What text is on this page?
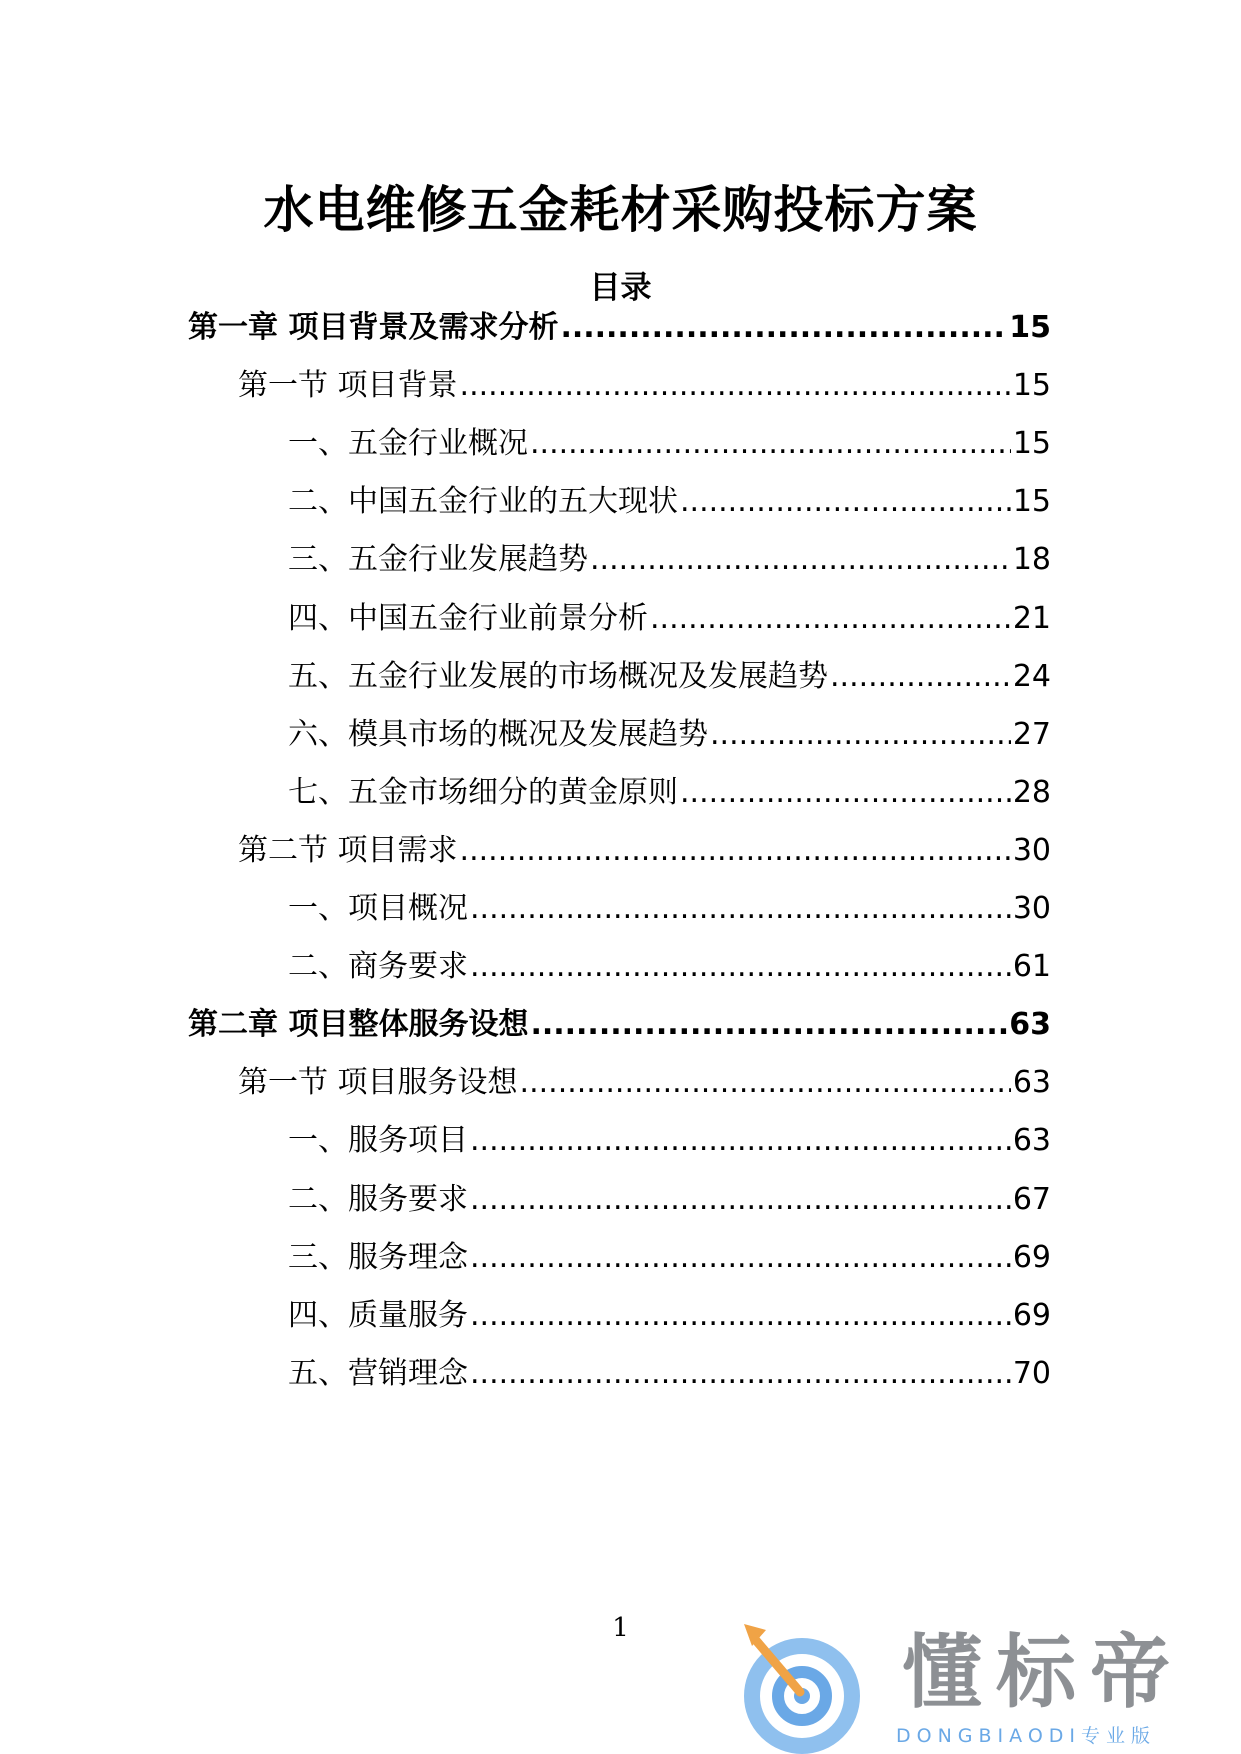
水电维修五金耗材采购投标方案
目录
第一章 项目背景及需求分析 .....	15
第一节 项目背景 .....	15
一、五金行业概况 .....	15
二、中国五金行业的五大现状 .....	15
三、五金行业发展趋势 .....	18
四、中国五金行业前景分析 .....	21
五、五金行业发展的市场概况及发展趋势 .....	24
六、模具市场的概况及发展趋势 .....	27
七、五金市场细分的黄金原则 .....	28
第二节 项目需求 .....	30
一、项目概况 .....	30
二、商务要求 .....	61
第二章 项目整体服务设想 .....	63
第一节 项目服务设想 .....	63
一、服务项目 .....	63
二、服务要求 .....	67
三、服务理念 .....	69
四、质量服务 .....	69
五、营销理念 .....	70
1	懂标帝
DONGBIAODI专业版
